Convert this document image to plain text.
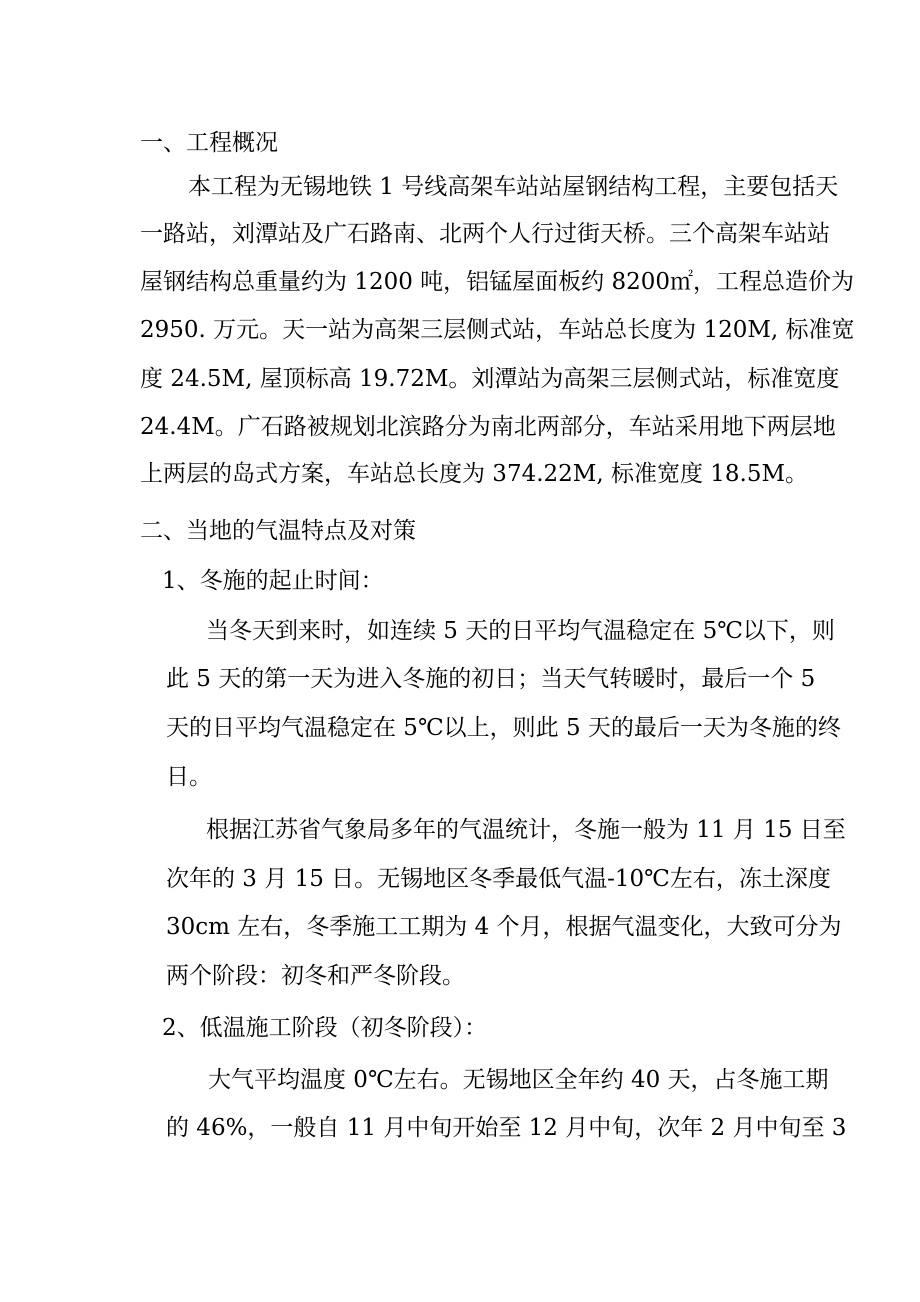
一、工程概况
本工程为无锡地铁 1 号线高架车站站屋钢结构工程，主要包括天
一路站，刘潭站及广石路南、北两个人行过街天桥。三个高架车站站
屋钢结构总重量约为 1200 吨，铝锰屋面板约 8200㎡，工程总造价为
2950. 万元。天一站为高架三层侧式站，车站总长度为 120M, 标准宽
度 24.5M, 屋顶标高 19.72M。刘潭站为高架三层侧式站，标准宽度
24.4M。广石路被规划北滨路分为南北两部分，车站采用地下两层地
上两层的岛式方案，车站总长度为 374.22M, 标准宽度 18.5M。
二、当地的气温特点及对策
1、冬施的起止时间：
当冬天到来时，如连续 5 天的日平均气温稳定在 5℃以下，则
此 5 天的第一天为进入冬施的初日；当天气转暖时，最后一个 5
天的日平均气温稳定在 5℃以上，则此 5 天的最后一天为冬施的终
日。
根据江苏省气象局多年的气温统计，冬施一般为 11 月 15 日至
次年的 3 月 15 日。无锡地区冬季最低气温-10℃左右，冻土深度
30cm 左右，冬季施工工期为 4 个月，根据气温变化，大致可分为
两个阶段：初冬和严冬阶段。
2、低温施工阶段（初冬阶段）：
大气平均温度 0℃左右。无锡地区全年约 40 天，占冬施工期
的 46%，一般自 11 月中旬开始至 12 月中旬，次年 2 月中旬至 3
